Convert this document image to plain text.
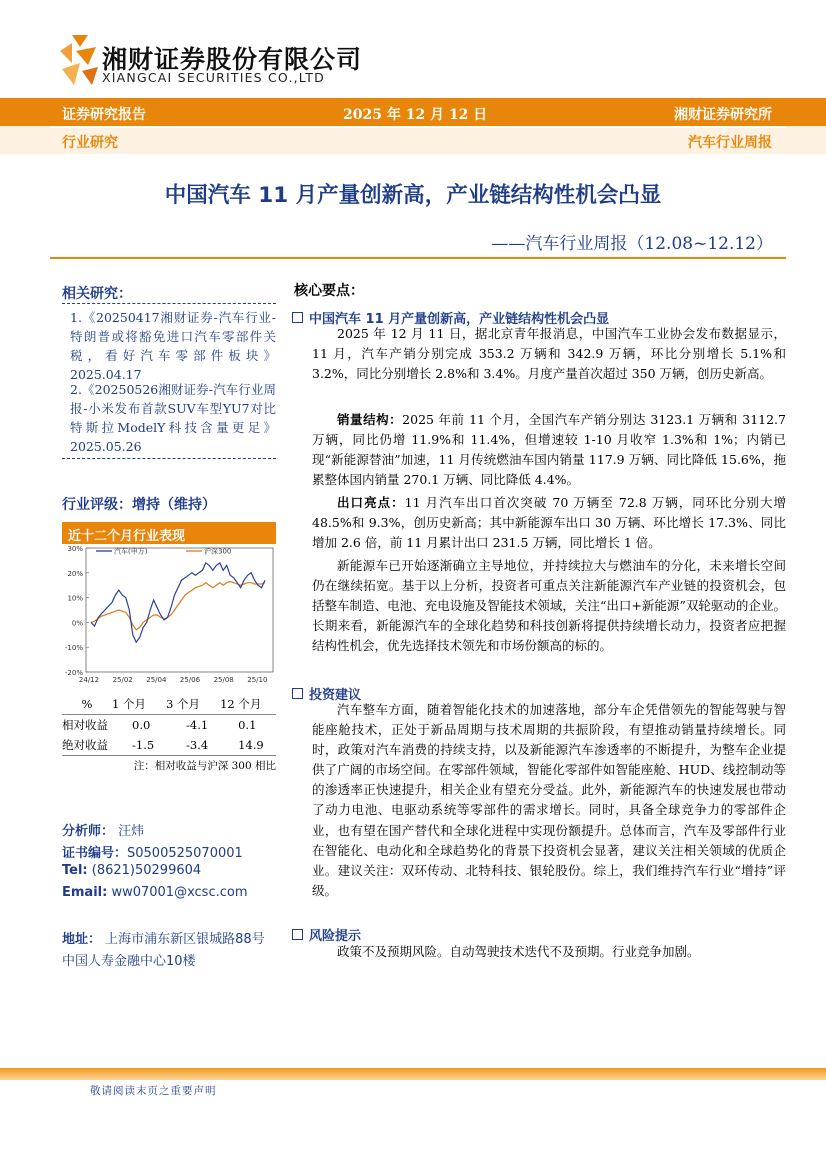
湘财证券股份有限公司
XIANGCAI SECURITIES CO.,LTD
证券研究报告	2025 年 12 月 12 日	湘财证券研究所
行业研究	汽车行业周报
中国汽车 11 月产量创新高，产业链结构性机会凸显
——汽车行业周报（12.08~12.12）
相关研究：
1.《20250417湘财证券-汽车行业-特朗普或将豁免进口汽车零部件关税，看好汽车零部件板块》2025.04.17
2.《20250526湘财证券-汽车行业周报-小米发布首款SUV车型YU7对比特斯拉ModelY科技含量更足》2025.05.26
行业评级：增持（维持）
近十二个月行业表现
30%
20%
10%
0%
-10%
-20%
24/12 25/02 25/04 25/06 25/08 25/10
汽车(申万)	沪深300
%	1 个月	3 个月	12 个月
相对收益	0.0	-4.1	0.1
绝对收益	-1.5	-3.4	14.9
注：相对收益与沪深 300 相比
分析师： 汪炜
证书编号：S0500525070001
Tel: (8621)50299604
Email: ww07001@xcsc.com
地址： 上海市浦东新区银城路88号
中国人寿金融中心10楼
核心要点：
中国汽车 11 月产量创新高，产业链结构性机会凸显
2025 年 12 月 11 日，据北京青年报消息，中国汽车工业协会发布数据显示，11 月，汽车产销分别完成 353.2 万辆和 342.9 万辆，环比分别增长 5.1%和 3.2%，同比分别增长 2.8%和 3.4%。月度产量首次超过 350 万辆，创历史新高。
销量结构：2025 年前 11 个月，全国汽车产销分别达 3123.1 万辆和 3112.7 万辆，同比仍增 11.9%和 11.4%，但增速较 1-10 月收窄 1.3%和 1%；内销已现“新能源替油”加速，11 月传统燃油车国内销量 117.9 万辆、同比降低 15.6%，拖累整体国内销量 270.1 万辆、同比降低 4.4%。
出口亮点：11 月汽车出口首次突破 70 万辆至 72.8 万辆，同环比分别大增 48.5%和 9.3%，创历史新高；其中新能源车出口 30 万辆、环比增长 17.3%、同比增加 2.6 倍，前 11 月累计出口 231.5 万辆，同比增长 1 倍。
新能源车已开始逐渐确立主导地位，并持续拉大与燃油车的分化，未来增长空间仍在继续拓宽。基于以上分析，投资者可重点关注新能源汽车产业链的投资机会，包括整车制造、电池、充电设施及智能技术领域，关注“出口+新能源”双轮驱动的企业。长期来看，新能源汽车的全球化趋势和科技创新将提供持续增长动力，投资者应把握结构性机会，优先选择技术领先和市场份额高的标的。
投资建议
汽车整车方面，随着智能化技术的加速落地，部分车企凭借领先的智能驾驶与智能座舱技术，正处于新品周期与技术周期的共振阶段，有望推动销量持续增长。同时，政策对汽车消费的持续支持，以及新能源汽车渗透率的不断提升，为整车企业提供了广阔的市场空间。在零部件领域，智能化零部件如智能座舱、HUD、线控制动等的渗透率正快速提升，相关企业有望充分受益。此外，新能源汽车的快速发展也带动了动力电池、电驱动系统等零部件的需求增长。同时，具备全球竞争力的零部件企业，也有望在国产替代和全球化进程中实现份额提升。总体而言，汽车及零部件行业在智能化、电动化和全球趋势化的背景下投资机会显著，建议关注相关领域的优质企业。建议关注：双环传动、北特科技、银轮股份。综上，我们维持汽车行业“增持”评级。
风险提示
政策不及预期风险。自动驾驶技术迭代不及预期。行业竞争加剧。
敬请阅读末页之重要声明
